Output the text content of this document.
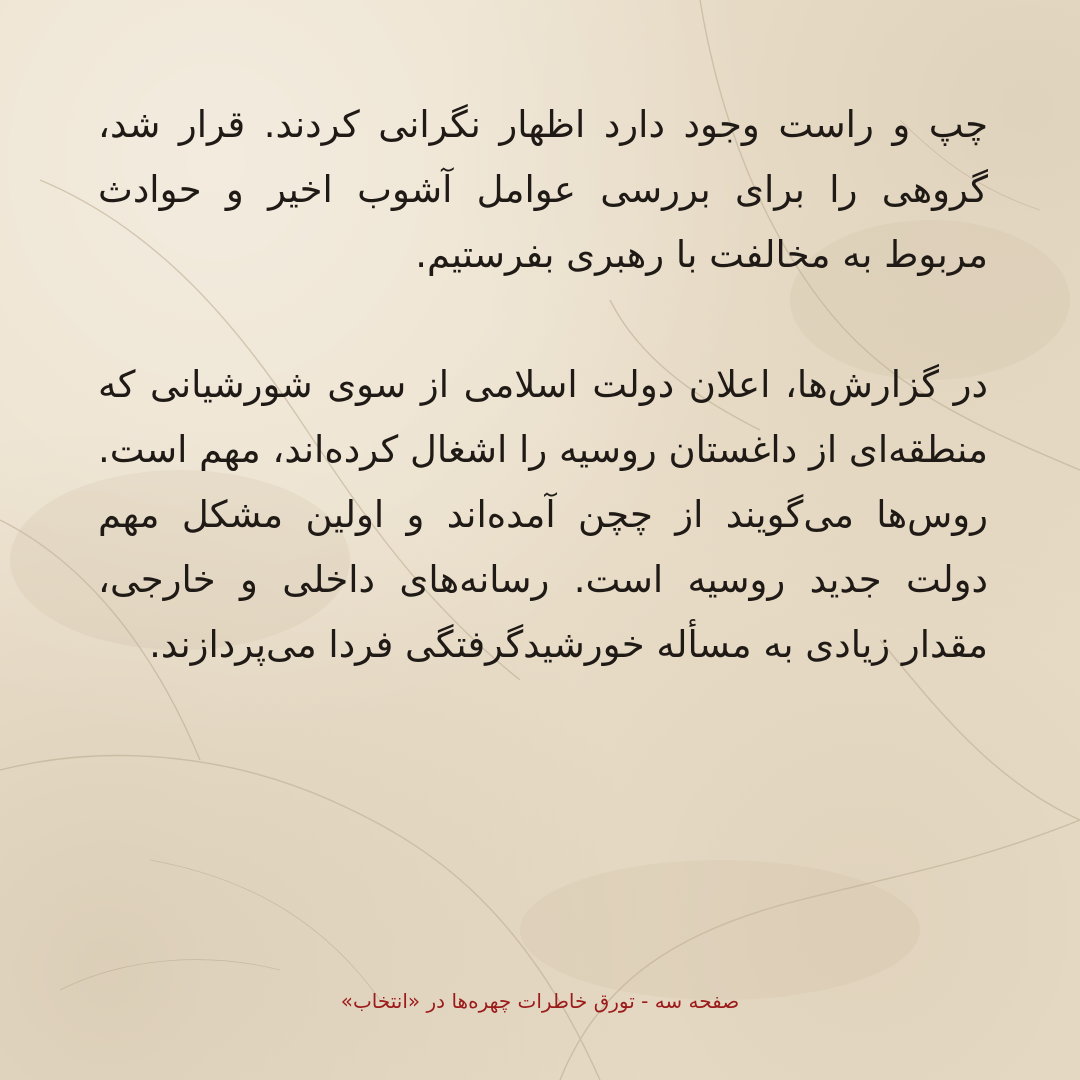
چپ و راست وجود دارد اظهار نگرانی کردند. قرار شد، گروهی را برای بررسی عوامل آشوب اخیر و حوادث مربوط به مخالفت با رهبری بفرستیم.

در گزارش‌ها، اعلان دولت اسلامی از سوی شورشیانی که منطقه‌ای از داغستان روسیه را اشغال کرده‌اند، مهم است. روس‌ها می‌گویند از چچن آمده‌اند و اولین مشکل مهم دولت جدید روسیه است. رسانه‌های داخلی و خارجی، مقدار زیادی به مسأله خورشیدگرفتگی فردا می‌پردازند.

صفحه سه - تورق خاطرات چهره‌ها در «انتخاب»
